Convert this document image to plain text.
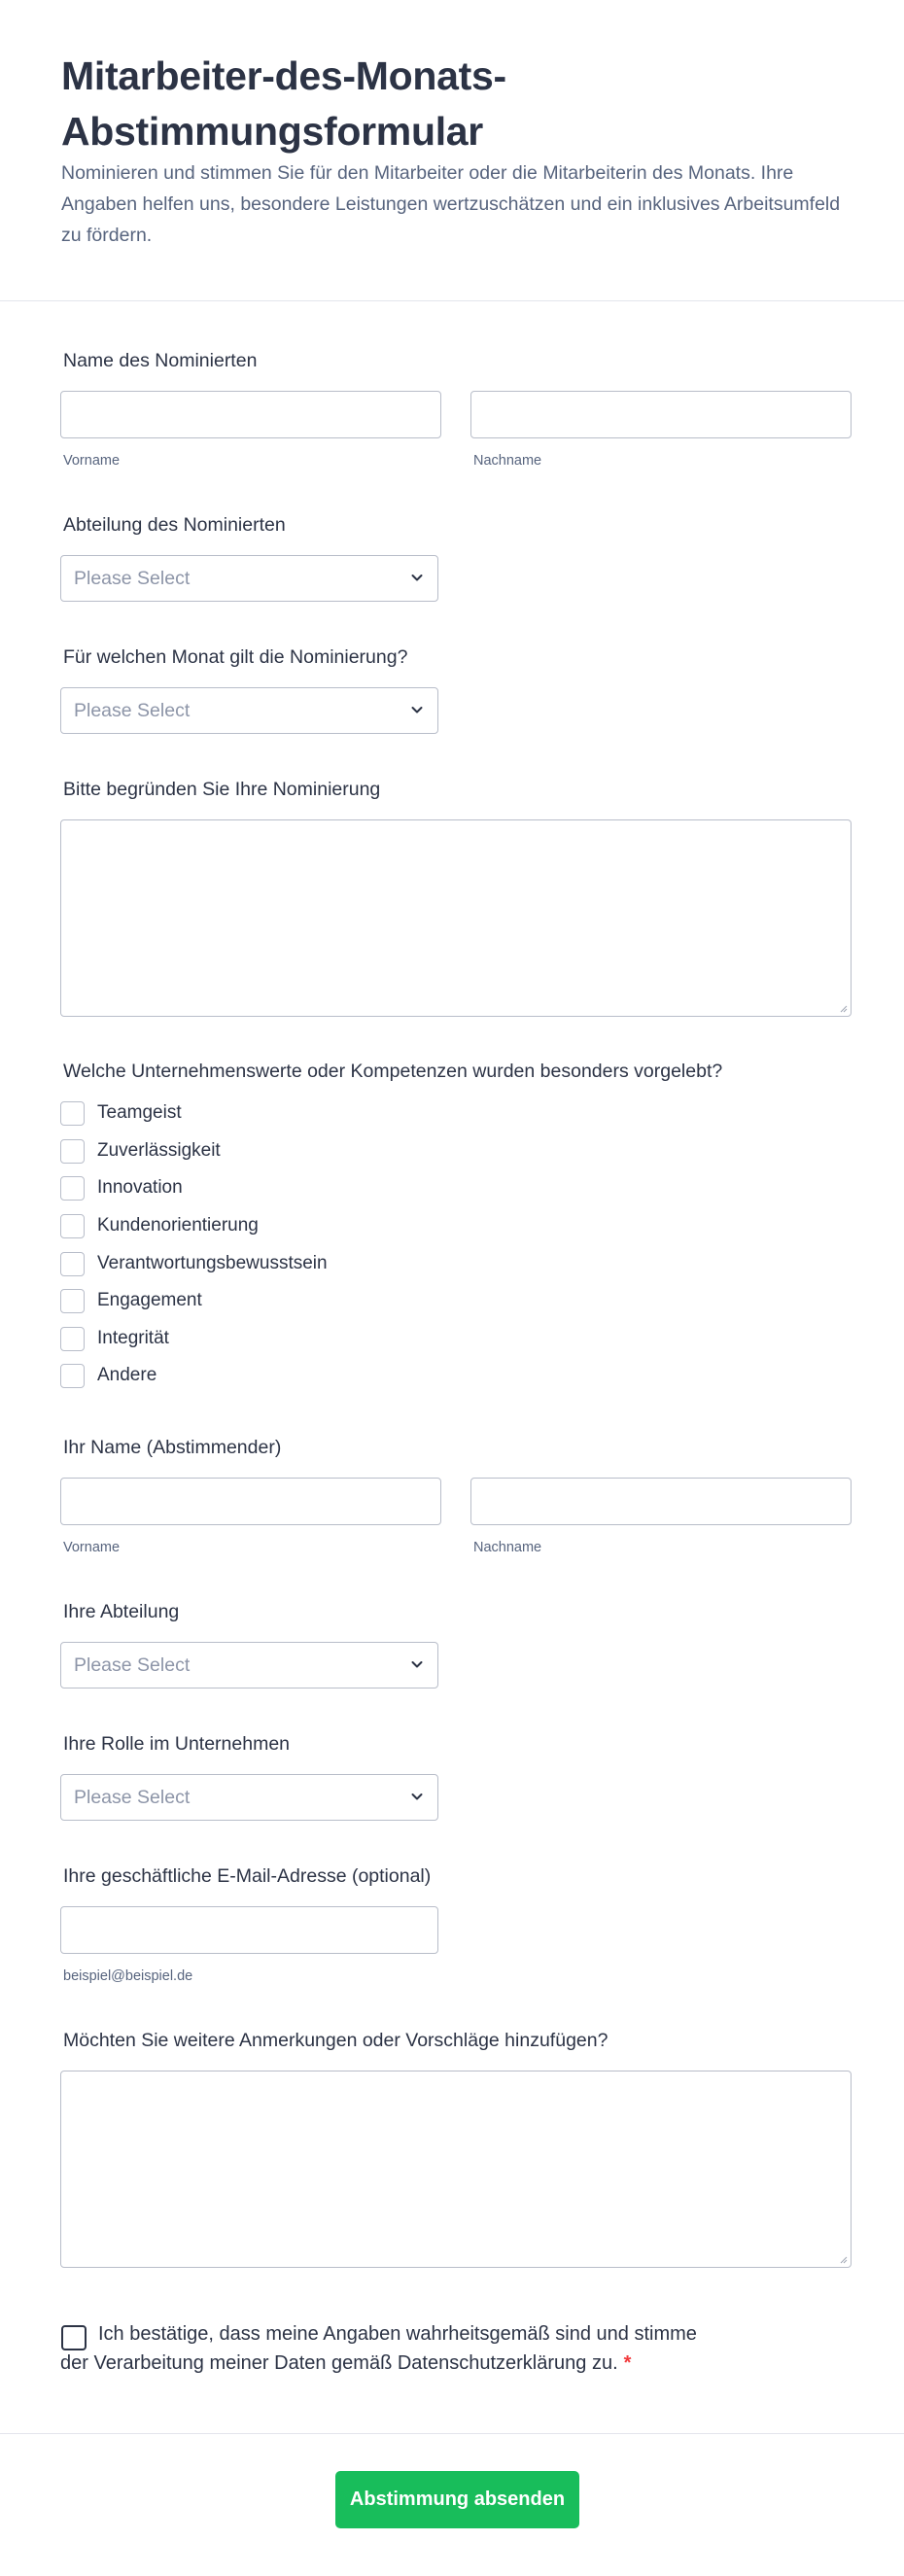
Mitarbeiter-des-Monats-Abstimmungsformular
Nominieren und stimmen Sie für den Mitarbeiter oder die Mitarbeiterin des Monats. Ihre Angaben helfen uns, besondere Leistungen wertzuschätzen und ein inklusives Arbeitsumfeld zu fördern.
Name des Nominierten
Vorname	Nachname
Abteilung des Nominierten
Please Select
Für welchen Monat gilt die Nominierung?
Please Select
Bitte begründen Sie Ihre Nominierung
Welche Unternehmenswerte oder Kompetenzen wurden besonders vorgelebt?
Teamgeist
Zuverlässigkeit
Innovation
Kundenorientierung
Verantwortungsbewusstsein
Engagement
Integrität
Andere
Ihr Name (Abstimmender)
Vorname	Nachname
Ihre Abteilung
Please Select
Ihre Rolle im Unternehmen
Please Select
Ihre geschäftliche E-Mail-Adresse (optional)
beispiel@beispiel.de
Möchten Sie weitere Anmerkungen oder Vorschläge hinzufügen?
Ich bestätige, dass meine Angaben wahrheitsgemäß sind und stimme
der Verarbeitung meiner Daten gemäß Datenschutzerklärung zu. *
Abstimmung absenden
